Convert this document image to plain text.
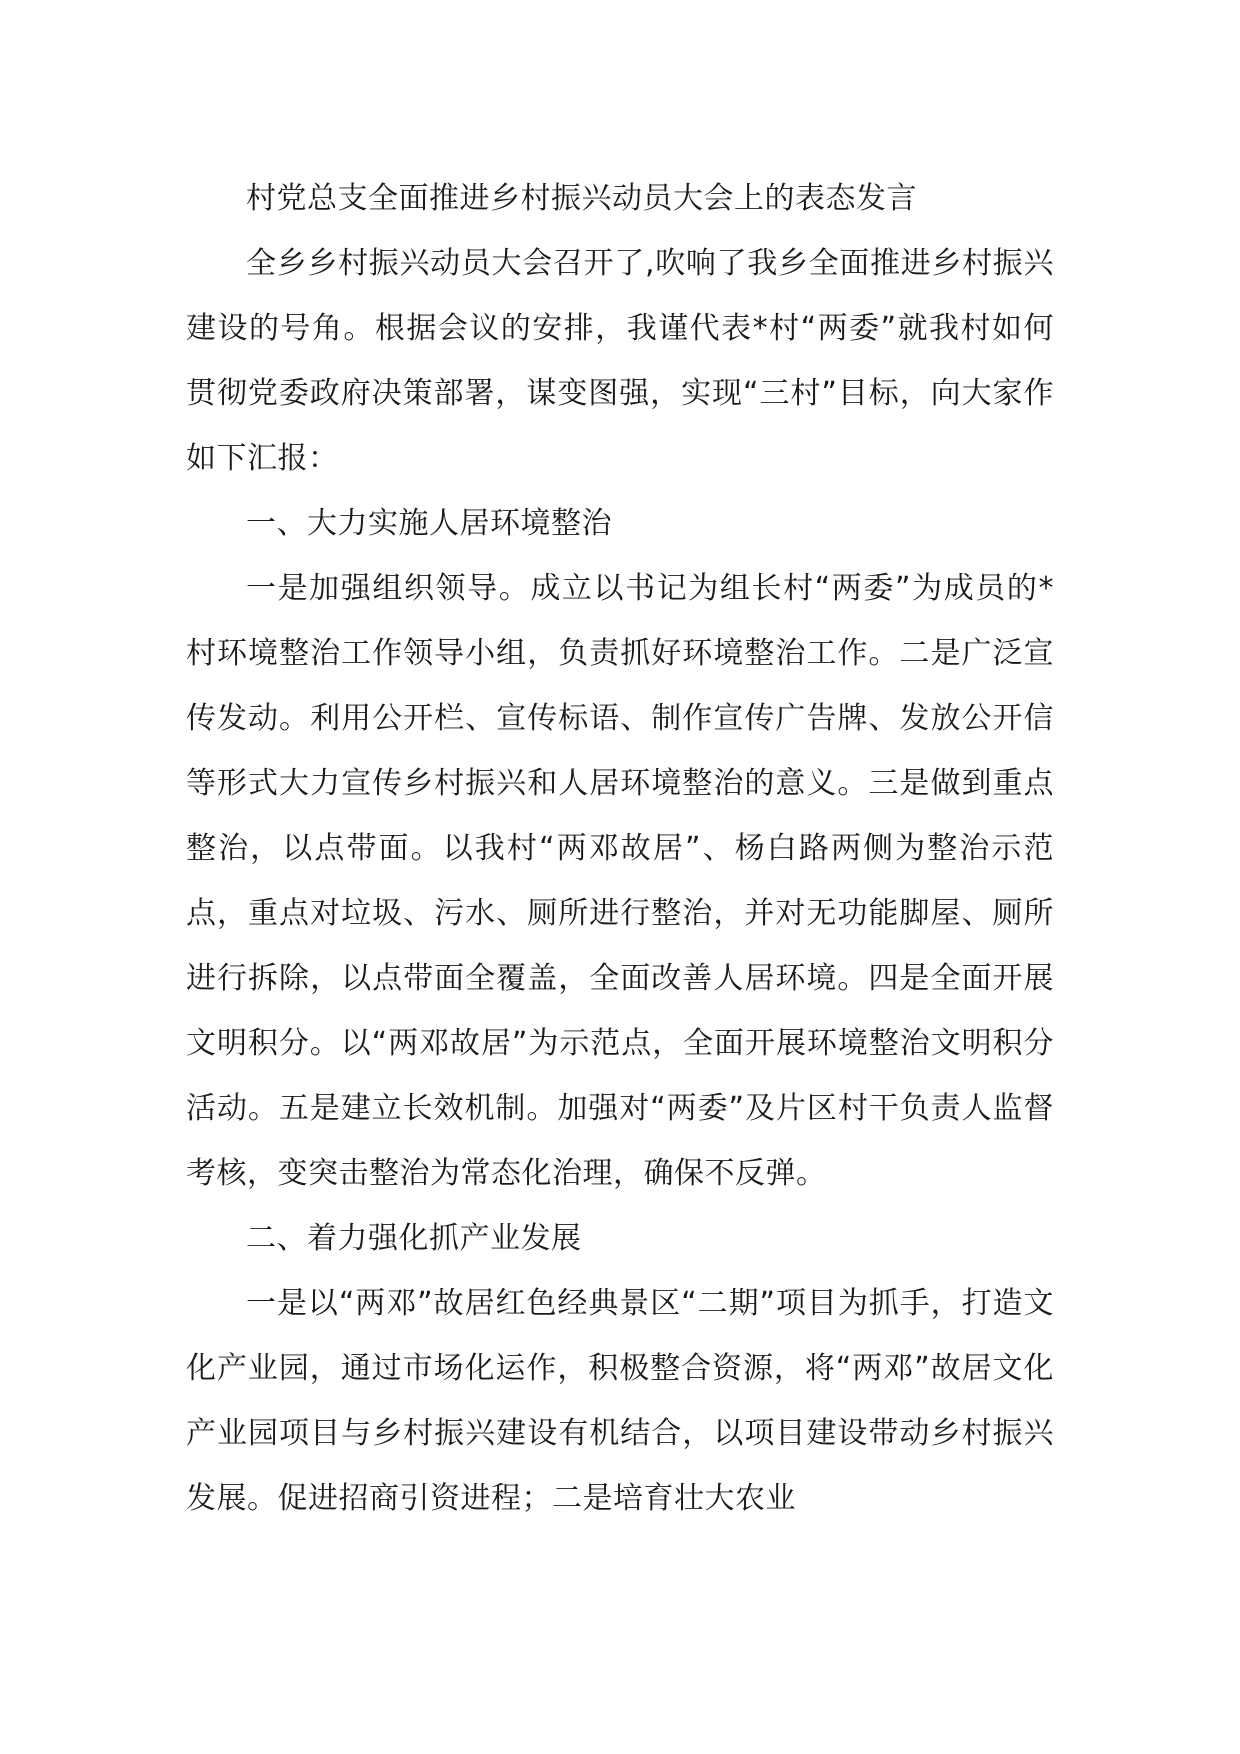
村党总支全面推进乡村振兴动员大会上的表态发言

全乡乡村振兴动员大会召开了,吹响了我乡全面推进乡村振兴建设的号角。根据会议的安排，我谨代表*村“两委”就我村如何贯彻党委政府决策部署，谋变图强，实现“三村”目标，向大家作如下汇报：

一、大力实施人居环境整治

一是加强组织领导。成立以书记为组长村“两委”为成员的*村环境整治工作领导小组，负责抓好环境整治工作。二是广泛宣传发动。利用公开栏、宣传标语、制作宣传广告牌、发放公开信等形式大力宣传乡村振兴和人居环境整治的意义。三是做到重点整治，以点带面。以我村“两邓故居”、杨白路两侧为整治示范点，重点对垃圾、污水、厕所进行整治，并对无功能脚屋、厕所进行拆除，以点带面全覆盖，全面改善人居环境。四是全面开展文明积分。以“两邓故居”为示范点，全面开展环境整治文明积分活动。五是建立长效机制。加强对“两委”及片区村干负责人监督考核，变突击整治为常态化治理，确保不反弹。

二、着力强化抓产业发展

一是以“两邓”故居红色经典景区“二期”项目为抓手，打造文化产业园，通过市场化运作，积极整合资源，将“两邓”故居文化产业园项目与乡村振兴建设有机结合，以项目建设带动乡村振兴发展。促进招商引资进程；二是培育壮大农业
